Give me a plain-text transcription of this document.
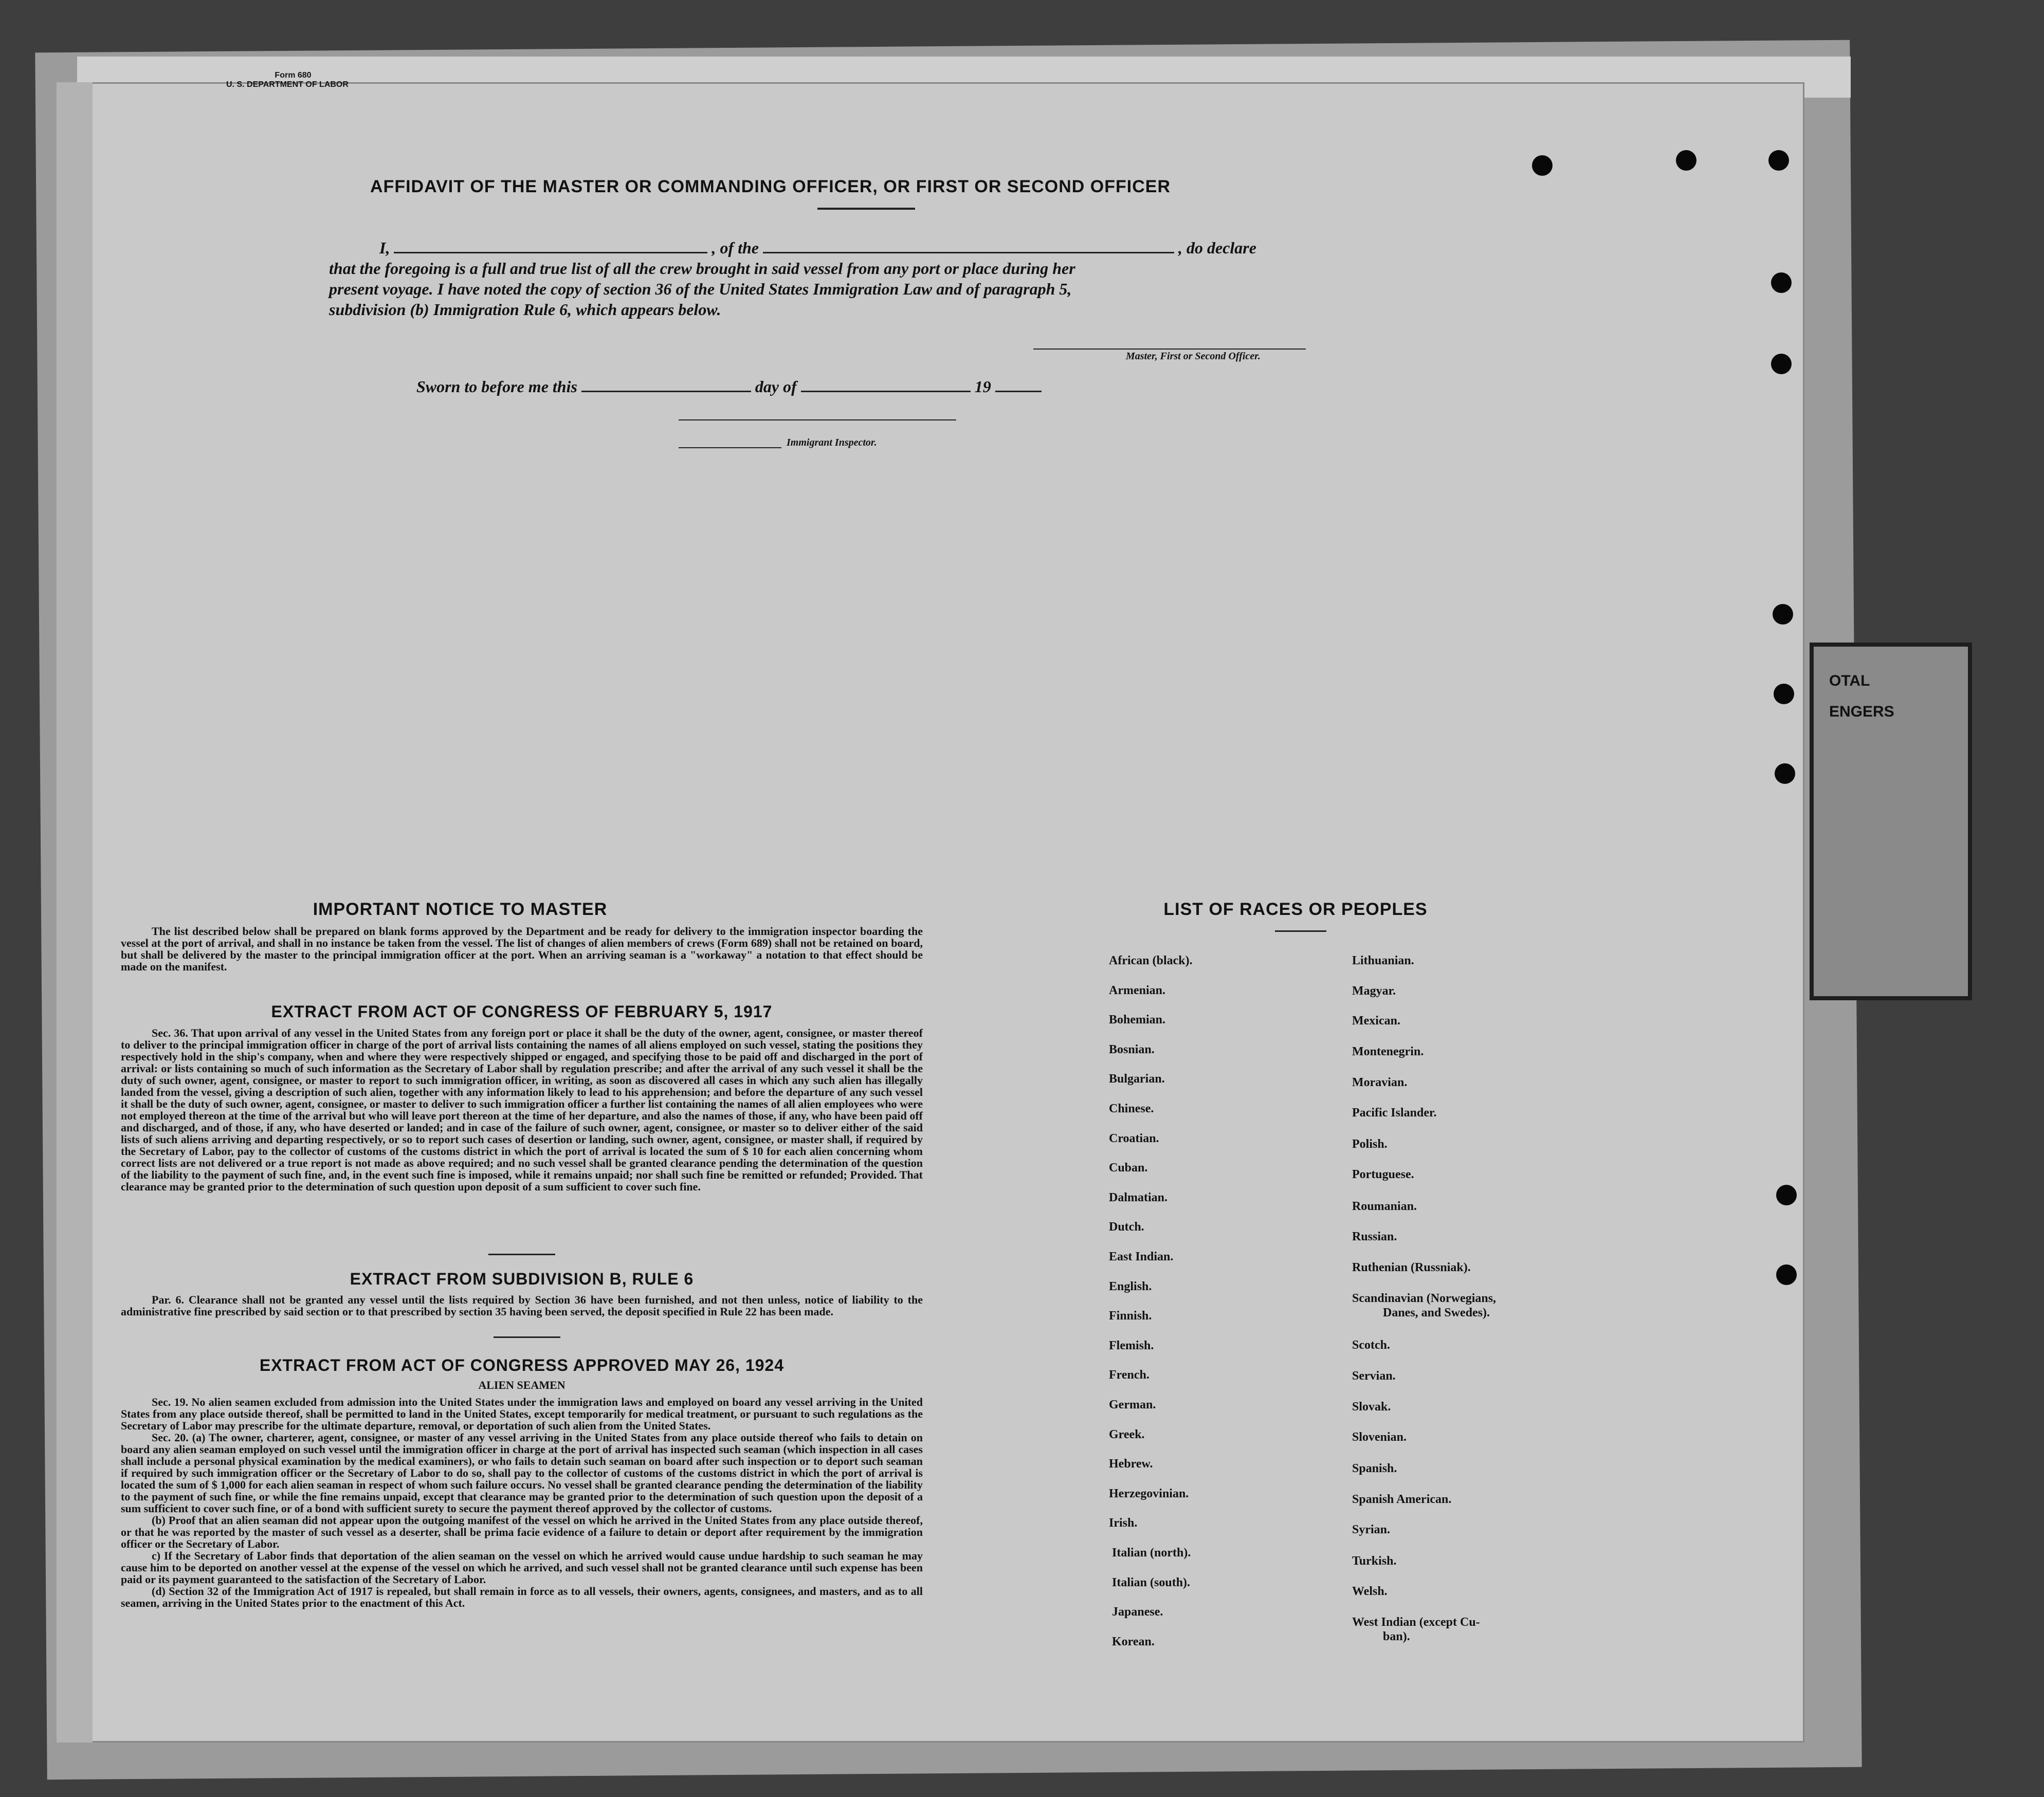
OTAL
ENGERS
Form 680
U. S. DEPARTMENT OF LABOR
AFFIDAVIT OF THE MASTER OR COMMANDING OFFICER, OR FIRST OR SECOND OFFICER
I,	, of the	, do declare
that the foregoing is a full and true list of all the crew brought in said vessel from any port or place during her
present voyage. I have noted the copy of section 36 of the United States Immigration Law and of paragraph 5,
subdivision (b) Immigration Rule 6, which appears below.
Master, First or Second Officer.
Sworn to before me this	day of	19
Immigrant Inspector.
IMPORTANT NOTICE TO MASTER

The list described below shall be prepared on blank forms approved by the Department and be ready for delivery to the immigration inspector boarding the vessel at the port of arrival, and shall in no instance be taken from the vessel. The list of changes of alien members of crews (Form 689) shall not be retained on board, but shall be delivered by the master to the principal immigration officer at the port. When an arriving seaman is a "workaway" a notation to that effect should be made on the manifest.

EXTRACT FROM ACT OF CONGRESS OF FEBRUARY 5, 1917

Sec. 36. That upon arrival of any vessel in the United States from any foreign port or place it shall be the duty of the owner, agent, consignee, or master thereof to deliver to the principal immigration officer in charge of the port of arrival lists containing the names of all aliens employed on such vessel, stating the positions they respectively hold in the ship's company, when and where they were respectively shipped or engaged, and specifying those to be paid off and discharged in the port of arrival: or lists containing so much of such information as the Secretary of Labor shall by regulation prescribe; and after the arrival of any such vessel it shall be the duty of such owner, agent, consignee, or master to report to such immigration officer, in writing, as soon as discovered all cases in which any such alien has illegally landed from the vessel, giving a description of such alien, together with any information likely to lead to his apprehension; and before the departure of any such vessel it shall be the duty of such owner, agent, consignee, or master to deliver to such immigration officer a further list containing the names of all alien employees who were not employed thereon at the time of the arrival but who will leave port thereon at the time of her departure, and also the names of those, if any, who have been paid off and discharged, and of those, if any, who have deserted or landed; and in case of the failure of such owner, agent, consignee, or master so to deliver either of the said lists of such aliens arriving and departing respectively, or so to report such cases of desertion or landing, such owner, agent, consignee, or master shall, if required by the Secretary of Labor, pay to the collector of customs of the customs district in which the port of arrival is located the sum of $ 10 for each alien concerning whom correct lists are not delivered or a true report is not made as above required; and no such vessel shall be granted clearance pending the determination of the question of the liability to the payment of such fine, and, in the event such fine is imposed, while it remains unpaid; nor shall such fine be remitted or refunded; Provided. That clearance may be granted prior to the determination of such question upon deposit of a sum sufficient to cover such fine.

EXTRACT FROM SUBDIVISION B, RULE 6

Par. 6. Clearance shall not be granted any vessel until the lists required by Section 36 have been furnished, and not then unless, notice of liability to the administrative fine prescribed by said section or to that prescribed by section 35 having been served, the deposit specified in Rule 22 has been made.

EXTRACT FROM ACT OF CONGRESS APPROVED MAY 26, 1924
ALIEN SEAMEN

Sec. 19. No alien seamen excluded from admission into the United States under the immigration laws and employed on board any vessel arriving in the United States from any place outside thereof, shall be permitted to land in the United States, except temporarily for medical treatment, or pursuant to such regulations as the Secretary of Labor may prescribe for the ultimate departure, removal, or deportation of such alien from the United States.

Sec. 20. (a) The owner, charterer, agent, consignee, or master of any vessel arriving in the United States from any place outside thereof who fails to detain on board any alien seaman employed on such vessel until the immigration officer in charge at the port of arrival has inspected such seaman (which inspection in all cases shall include a personal physical examination by the medical examiners), or who fails to detain such seaman on board after such inspection or to deport such seaman if required by such immigration officer or the Secretary of Labor to do so, shall pay to the collector of customs of the customs district in which the port of arrival is located the sum of $ 1,000 for each alien seaman in respect of whom such failure occurs. No vessel shall be granted clearance pending the determination of the liability to the payment of such fine, or while the fine remains unpaid, except that clearance may be granted prior to the determination of such question upon the deposit of a sum sufficient to cover such fine, or of a bond with sufficient surety to secure the payment thereof approved by the collector of customs.

(b) Proof that an alien seaman did not appear upon the outgoing manifest of the vessel on which he arrived in the United States from any place outside thereof, or that he was reported by the master of such vessel as a deserter, shall be prima facie evidence of a failure to detain or deport after requirement by the immigration officer or the Secretary of Labor.

c) If the Secretary of Labor finds that deportation of the alien seaman on the vessel on which he arrived would cause undue hardship to such seaman he may cause him to be deported on another vessel at the expense of the vessel on which he arrived, and such vessel shall not be granted clearance until such expense has been paid or its payment guaranteed to the satisfaction of the Secretary of Labor.

(d) Section 32 of the Immigration Act of 1917 is repealed, but shall remain in force as to all vessels, their owners, agents, consignees, and masters, and as to all seamen, arriving in the United States prior to the enactment of this Act.

LIST OF RACES OR PEOPLES
African (black).
Armenian.
Bohemian.
Bosnian.
Bulgarian.
Chinese.
Croatian.
Cuban.
Dalmatian.
Dutch.
East Indian.
English.
Finnish.
Flemish.
French.
German.
Greek.
Hebrew.
Herzegovinian.
Irish.
Italian (north).
Italian (south).
Japanese.
Korean.
Lithuanian.
Magyar.
Mexican.
Montenegrin.
Moravian.
Pacific Islander.
Polish.
Portuguese.
Roumanian.
Russian.
Ruthenian (Russniak).
Scandinavian (Norwegians,
Danes, and Swedes).
Scotch.
Servian.
Slovak.
Slovenian.
Spanish.
Spanish American.
Syrian.
Turkish.
Welsh.
West Indian (except Cu-
ban).
